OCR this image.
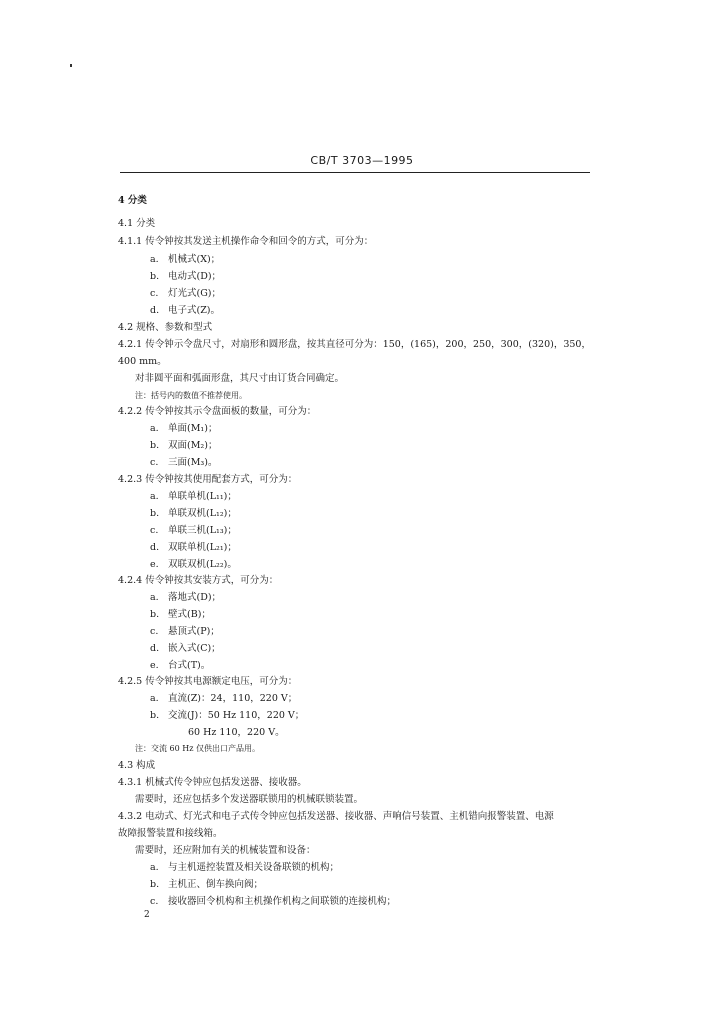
CB/T 3703—1995
4 分类
4.1 分类
4.1.1 传令钟按其发送主机操作命令和回令的方式，可分为：
a. 机械式(X)；
b. 电动式(D)；
c. 灯光式(G)；
d. 电子式(Z)。
4.2 规格、参数和型式
4.2.1 传令钟示令盘尺寸，对扇形和圆形盘，按其直径可分为：150，(165)，200，250，300，(320)，350，
400 mm。
对非圆平面和弧面形盘，其尺寸由订货合同确定。
注：括号内的数值不推荐使用。
4.2.2 传令钟按其示令盘面板的数量，可分为：
a. 单面(M₁)；
b. 双面(M₂)；
c. 三面(M₃)。
4.2.3 传令钟按其使用配套方式，可分为：
a. 单联单机(L₁₁)；
b. 单联双机(L₁₂)；
c. 单联三机(L₁₃)；
d. 双联单机(L₂₁)；
e. 双联双机(L₂₂)。
4.2.4 传令钟按其安装方式，可分为：
a. 落地式(D)；
b. 壁式(B)；
c. 悬顶式(P)；
d. 嵌入式(C)；
e. 台式(T)。
4.2.5 传令钟按其电源额定电压，可分为：
a. 直流(Z)：24，110，220 V；
b. 交流(J)：50 Hz 110，220 V；
60 Hz 110，220 V。
注：交流 60 Hz 仅供出口产品用。
4.3 构成
4.3.1 机械式传令钟应包括发送器、接收器。
需要时，还应包括多个发送器联锁用的机械联锁装置。
4.3.2 电动式、灯光式和电子式传令钟应包括发送器、接收器、声响信号装置、主机错向报警装置、电源
故障报警装置和接线箱。
需要时，还应附加有关的机械装置和设备：
a. 与主机遥控装置及相关设备联锁的机构；
b. 主机正、倒车换向阀；
c. 接收器回令机构和主机操作机构之间联锁的连接机构；
2
